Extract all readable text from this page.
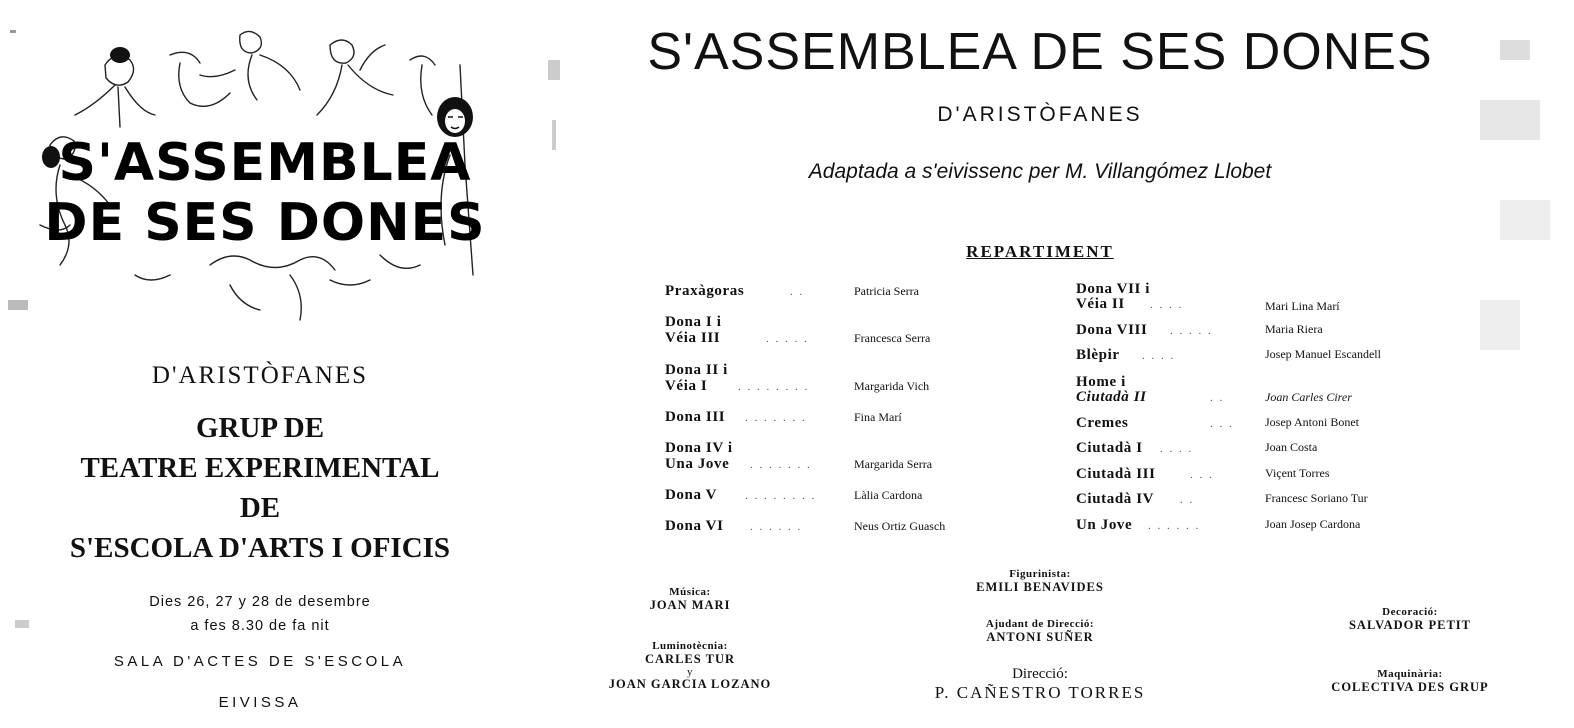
S'ASSEMBLEA
DE SES DONES
D'ARISTÒFANES
GRUP DE
TEATRE EXPERIMENTAL
DE
S'ESCOLA D'ARTS I OFICIS
Dies 26, 27 y 28 de desembre
a fes 8.30 de fa nit
SALA D'ACTES DE S'ESCOLA
EIVISSA
S'ASSEMBLEA DE SES DONES
D'ARISTÒFANES
Adaptada a s'eivissenc per M. Villangómez Llobet
REPARTIMENT
Praxàgoras	. .	Patricia Serra
Dona I i
Véia III	. . . . .	Francesca Serra
Dona II i
Véia I	. . . . . . . .	Margarida Vich
Dona III . . . . . . .	Fina Marí
Dona IV i
Una Jove . . . . . . .	Margarida Serra
Dona V	. . . . . . . .	Làlia Cardona
Dona VI . . . . . .	Neus Ortiz Guasch
Dona VII i
Véia II . . . .	Mari Lina Marí
Dona VIII . . . . .	Maria Riera
Blèpir . . . .	Josep Manuel Escandell
Home i
Ciutadà II	. .	Joan Carles Cirer
Cremes	. . .	Josep Antoni Bonet
Ciutadà I . . . .	Joan Costa
Ciutadà III	. . .	Viçent Torres
Ciutadà IV . .	Francesc Soriano Tur
Un Jove . . . . . .	Joan Josep Cardona
Música:
JOAN MARI
Luminotècnia:
CARLES TUR
y
JOAN GARCIA LOZANO
Figurinista:
EMILI BENAVIDES
Ajudant de Direcció:
ANTONI SUÑER
Direcció:
P. CAÑESTRO TORRES
Decoració:
SALVADOR PETIT
Maquinària:
COLECTIVA DES GRUP
